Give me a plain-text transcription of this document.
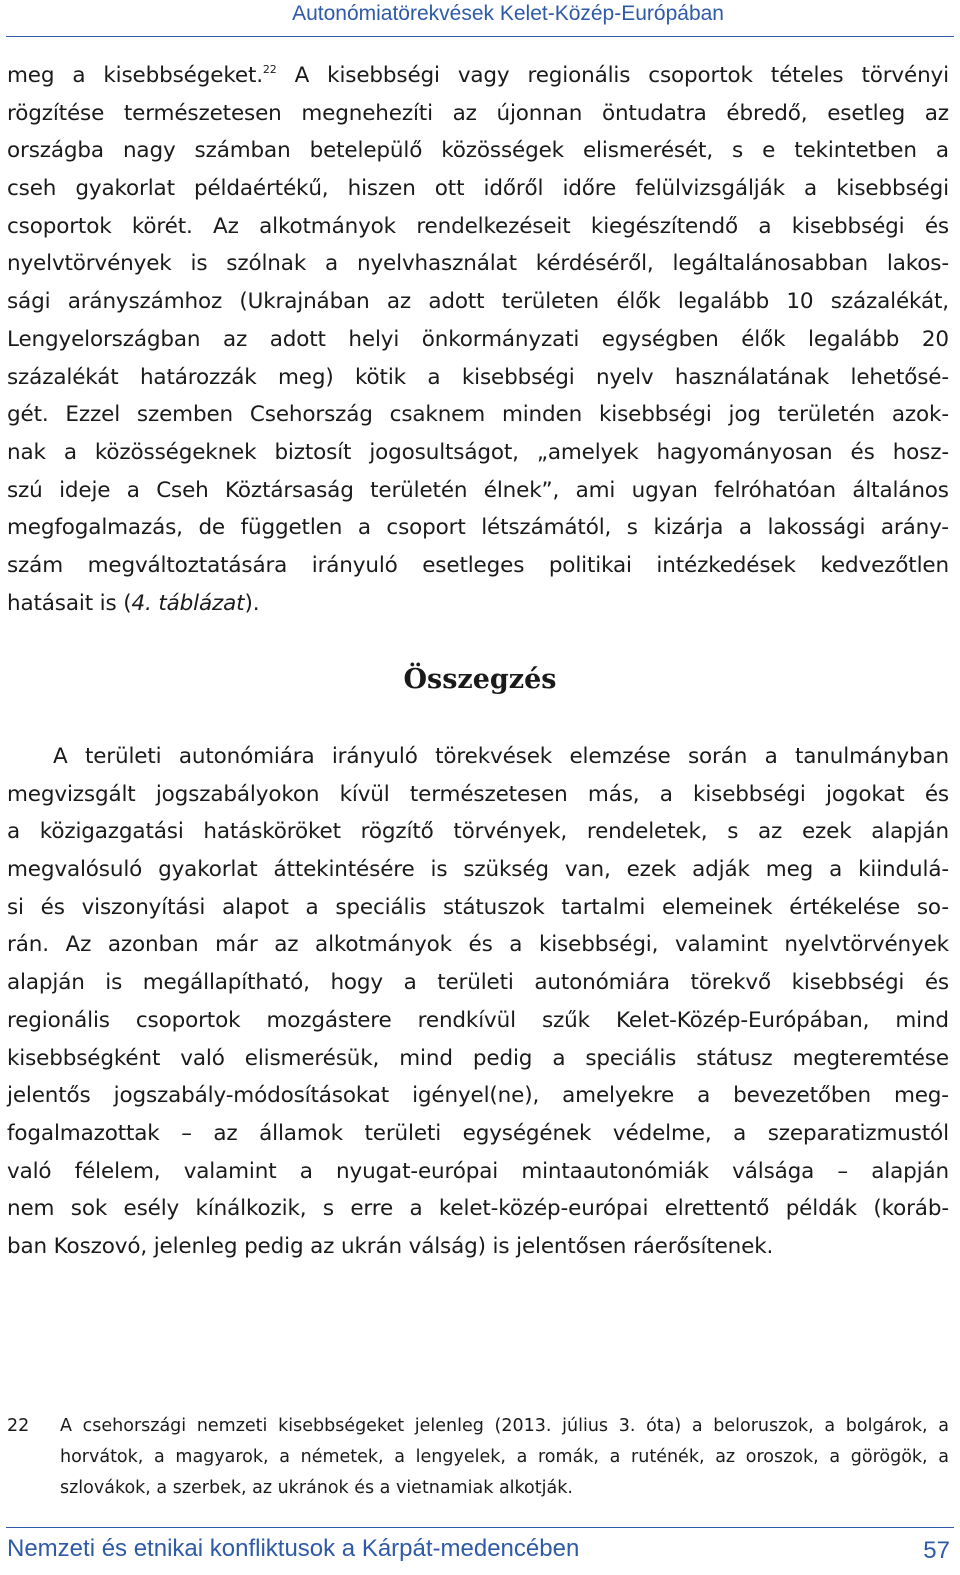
Autonómiatörekvések Kelet-Közép-Európában
meg a kisebbségeket.$^{22}$ A kisebbségi vagy regionális csoportok tételes törvényi
rögzítése természetesen megnehezíti az újonnan öntudatra ébredő, esetleg az
országba nagy számban betelepülő közösségek elismerését, s e tekintetben a
cseh gyakorlat példaértékű, hiszen ott időről időre felülvizsgálják a kisebbségi
csoportok körét. Az alkotmányok rendelkezéseit kiegészítendő a kisebbségi és
nyelvtörvények is szólnak a nyelvhasználat kérdéséről, legáltalánosabban lakos-
sági arányszámhoz (Ukrajnában az adott területen élők legalább 10 százalékát,
Lengyelországban az adott helyi önkormányzati egységben élők legalább 20
százalékát határozzák meg) kötik a kisebbségi nyelv használatának lehetősé-
gét. Ezzel szemben Csehország csaknem minden kisebbségi jog területén azok-
nak a közösségeknek biztosít jogosultságot, „amelyek hagyományosan és hosz-
szú ideje a Cseh Köztársaság területén élnek”, ami ugyan felróhatóan általános
megfogalmazás, de független a csoport létszámától, s kizárja a lakossági arány-
szám megváltoztatására irányuló esetleges politikai intézkedések kedvezőtlen
hatásait is ( 4. táblázat ).
Összegzés
A területi autonómiára irányuló törekvések elemzése során a tanulmányban
megvizsgált jogszabályokon kívül természetesen más, a kisebbségi jogokat és
a közigazgatási hatásköröket rögzítő törvények, rendeletek, s az ezek alapján
megvalósuló gyakorlat áttekintésére is szükség van, ezek adják meg a kiindulá-
si és viszonyítási alapot a speciális státuszok tartalmi elemeinek értékelése so-
rán. Az azonban már az alkotmányok és a kisebbségi, valamint nyelvtörvények
alapján is megállapítható, hogy a területi autonómiára törekvő kisebbségi és
regionális csoportok mozgástere rendkívül szűk Kelet-Közép-Európában, mind
kisebbségként való elismerésük, mind pedig a speciális státusz megteremtése
jelentős jogszabály-módosításokat igényel(ne), amelyekre a bevezetőben meg-
fogalmazottak – az államok területi egységének védelme, a szeparatizmustól
való félelem, valamint a nyugat-európai mintaautonómiák válsága – alapján
nem sok esély kínálkozik, s erre a kelet-közép-európai elrettentő példák (koráb-
ban Koszovó, jelenleg pedig az ukrán válság) is jelentősen ráerősítenek.
22	A csehországi nemzeti kisebbségeket jelenleg (2013. július 3. óta) a beloruszok, a bolgárok, a
horvátok, a magyarok, a németek, a lengyelek, a romák, a ruténék, az oroszok, a görögök, a
szlovákok, a szerbek, az ukránok és a vietnamiak alkotják.
Nemzeti és etnikai konfliktusok a Kárpát-medencében	57
